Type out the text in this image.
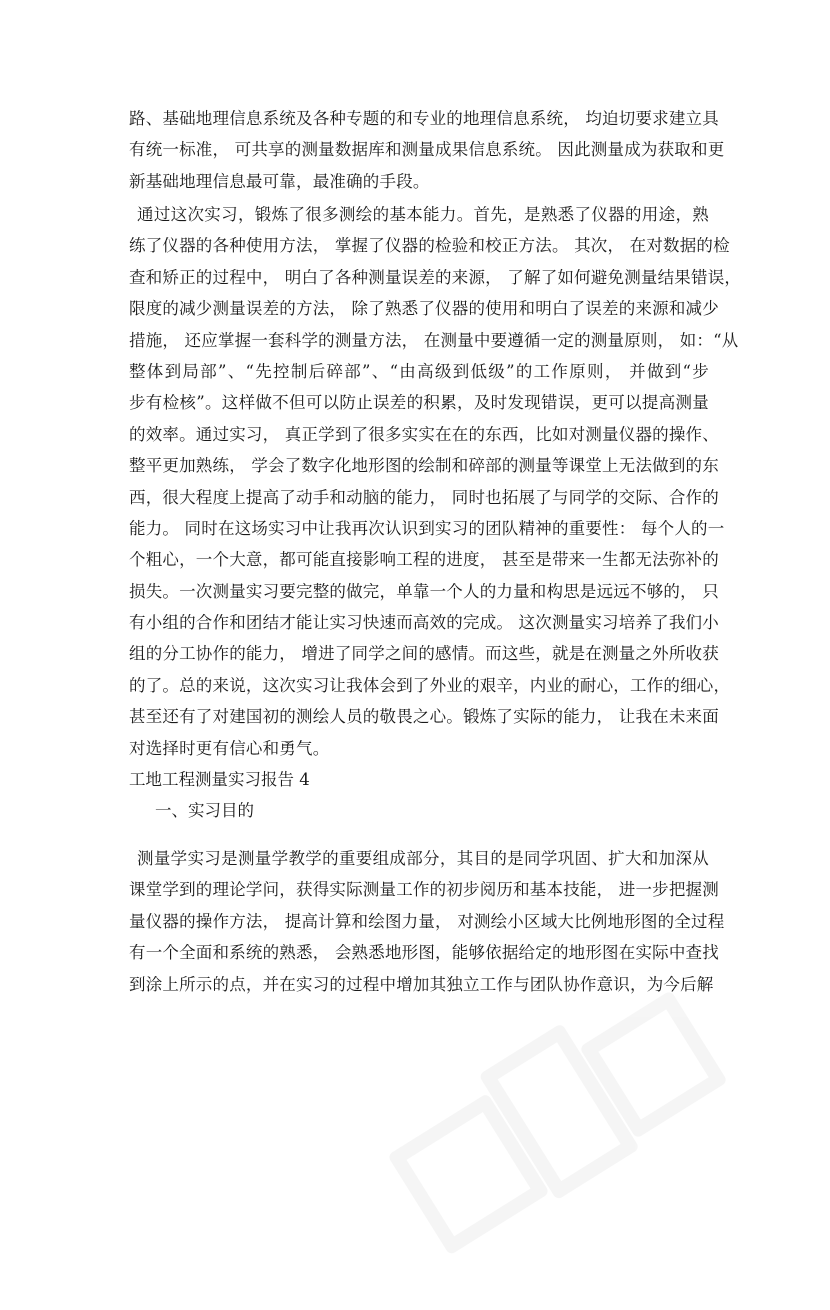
路、基础地理信息系统及各种专题的和专业的地理信息系统， 均迫切要求建立具
有统一标准， 可共享的测量数据库和测量成果信息系统。 因此测量成为获取和更
新基础地理信息最可靠，最准确的手段。
通过这次实习，锻炼了很多测绘的基本能力。首先，是熟悉了仪器的用途，熟
练了仪器的各种使用方法， 掌握了仪器的检验和校正方法。 其次， 在对数据的检
查和矫正的过程中， 明白了各种测量误差的来源， 了解了如何避免测量结果错误，
限度的减少测量误差的方法， 除了熟悉了仪器的使用和明白了误差的来源和减少
措施， 还应掌握一套科学的测量方法， 在测量中要遵循一定的测量原则， 如：“从
整体到局部”、“先控制后碎部”、“由高级到低级”的工作原则， 并做到“步
步有检核”。这样做不但可以防止误差的积累，及时发现错误，更可以提高测量
的效率。通过实习， 真正学到了很多实实在在的东西，比如对测量仪器的操作、
整平更加熟练， 学会了数字化地形图的绘制和碎部的测量等课堂上无法做到的东
西，很大程度上提高了动手和动脑的能力， 同时也拓展了与同学的交际、合作的
能力。 同时在这场实习中让我再次认识到实习的团队精神的重要性： 每个人的一
个粗心，一个大意，都可能直接影响工程的进度， 甚至是带来一生都无法弥补的
损失。一次测量实习要完整的做完，单靠一个人的力量和构思是远远不够的， 只
有小组的合作和团结才能让实习快速而高效的完成。 这次测量实习培养了我们小
组的分工协作的能力， 增进了同学之间的感情。而这些，就是在测量之外所收获
的了。总的来说，这次实习让我体会到了外业的艰辛，内业的耐心，工作的细心，
甚至还有了对建国初的测绘人员的敬畏之心。锻炼了实际的能力， 让我在未来面
对选择时更有信心和勇气。
工地工程测量实习报告 4
一、实习目的
测量学实习是测量学教学的重要组成部分，其目的是同学巩固、扩大和加深从
课堂学到的理论学问，获得实际测量工作的初步阅历和基本技能， 进一步把握测
量仪器的操作方法， 提高计算和绘图力量， 对测绘小区域大比例地形图的全过程
有一个全面和系统的熟悉， 会熟悉地形图，能够依据给定的地形图在实际中查找
到涂上所示的点，并在实习的过程中增加其独立工作与团队协作意识，为今后解
